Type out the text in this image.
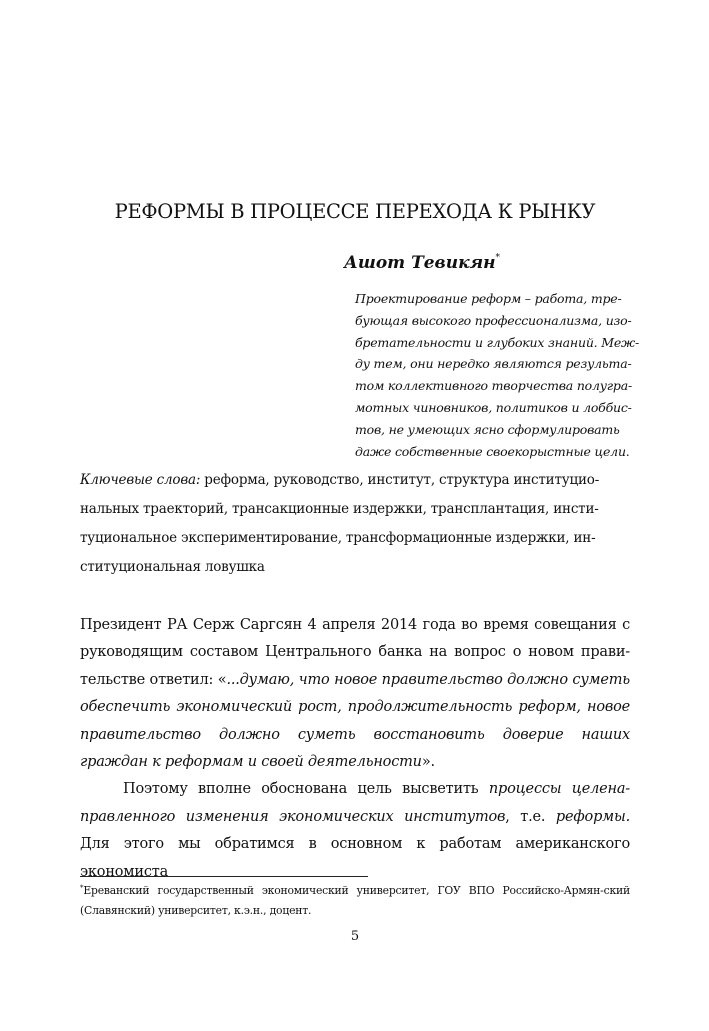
РЕФОРМЫ В ПРОЦЕССЕ ПЕРЕХОДА К РЫНКУ
Ашот Тевикян*
Проектирование реформ – работа, тре-
бующая высокого профессионализма, изо-
бретательности и глубоких знаний. Меж-
ду тем, они нередко являются результа-
том коллективного творчества полугра-
мотных чиновников, политиков и лоббис-
тов, не умеющих ясно сформулировать
даже собственные своекорыстные цели.
Ключевые слова: реформа, руководство, институт, структура институцио-нальных траекторий, трансакционные издержки, трансплантация, инсти-туциональное экспериментирование, трансформационные издержки, ин-ституциональная ловушка

Президент РА Серж Саргсян 4 апреля 2014 года во время совещания с руководящим составом Центрального банка на вопрос о новом прави-тельстве ответил: «...думаю, что новое правительство должно суметь обеспечить экономический рост, продолжительность реформ, новое правительство должно суметь восстановить доверие наших граждан к реформам и своей деятельности».

Поэтому вполне обоснована цель высветить процессы целена-правленного изменения экономических институтов, т.е. реформы. Для этого мы обратимся в основном к работам американского экономиста

*Ереванский государственный экономический университет, ГОУ ВПО Российско-Армян-ский (Славянский) университет, к.э.н., доцент.
5
